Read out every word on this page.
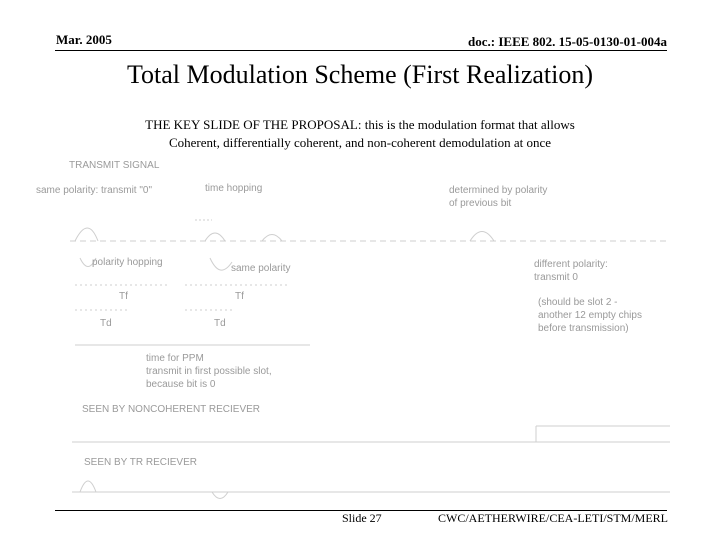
Mar. 2005	doc.: IEEE 802. 15-05-0130-01-004a
Total Modulation Scheme (First Realization)
THE KEY SLIDE OF THE PROPOSAL: this is the modulation format that allows
Coherent, differentially coherent, and non-coherent demodulation at once
TRANSMIT SIGNAL
same polarity: transmit "0"	time hopping	determined by polarity
of previous bit
polarity hopping
same polarity	different polarity:
transmit 0
Tf	Tf
Td	Td
(should be slot 2 -
another 12 empty chips
before transmission)
time for PPM
transmit in first possible slot,
because bit is 0
SEEN BY NONCOHERENT RECIEVER
SEEN BY TR RECIEVER
Slide 27	CWC/AETHERWIRE/CEA-LETI/STM/MERL
